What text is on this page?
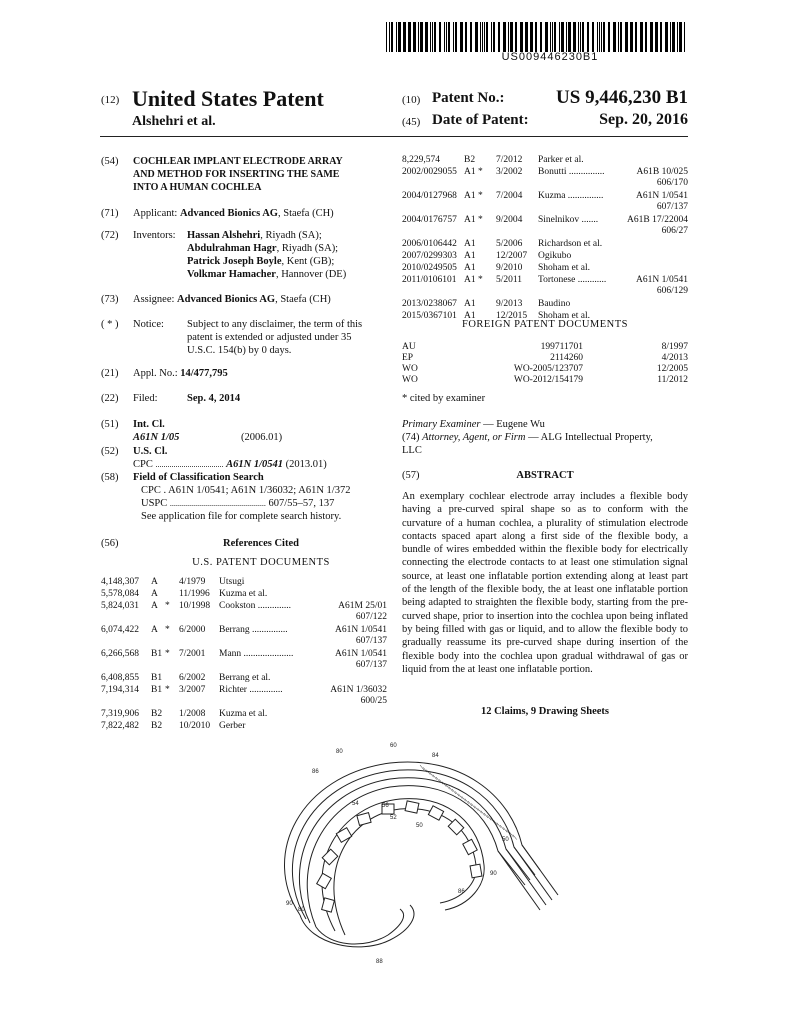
US009446230B1
(12) United States Patent
Alshehri et al.
(10) Patent No.:	US 9,446,230 B1
(45) Date of Patent:	Sep. 20, 2016
(54) COCHLEAR IMPLANT ELECTRODE ARRAY
AND METHOD FOR INSERTING THE SAME
INTO A HUMAN COCHLEA
(71) Applicant: Advanced Bionics AG, Staefa (CH)
(72) Inventors: Hassan Alshehri, Riyadh (SA);
Abdulrahman Hagr, Riyadh (SA);
Patrick Joseph Boyle, Kent (GB);
Volkmar Hamacher, Hannover (DE)
(73) Assignee: Advanced Bionics AG, Staefa (CH)
( * ) Notice: Subject to any disclaimer, the term of this
patent is extended or adjusted under 35
U.S.C. 154(b) by 0 days.
(21) Appl. No.: 14/477,795
(22) Filed:	Sep. 4, 2014
(51) Int. Cl.
A61N 1/05	(2006.01)
(52) U.S. Cl.
CPC .................................. A61N 1/0541 (2013.01)
(58) Field of Classification Search
CPC . A61N 1/0541; A61N 1/36032; A61N 1/372
USPC ................................................ 607/55–57, 137
See application file for complete search history.
(56)	References Cited
U.S. PATENT DOCUMENTS
4,148,307 A 4/1979 Utsugi
5,578,084 A 11/1996 Kuzma et al.
5,824,031 A * 10/1998 Cookston ..............	A61M 25/01
607/122
6,074,422 A * 6/2000 Berrang ...............	A61N 1/0541
607/137
6,266,568 B1 * 7/2001 Mann .....................	A61N 1/0541
607/137
6,408,855 B1 6/2002 Berrang et al.
7,194,314 B1 * 3/2007 Richter ..............	A61N 1/36032
600/25
7,319,906 B2 1/2008 Kuzma et al.
7,822,482 B2 10/2010 Gerber
8,229,574	B2 7/2012 Parker et al.
2002/0029055 A1 * 3/2002 Bonutti ...............	A61B 10/025
606/170
2004/0127968 A1 * 7/2004 Kuzma ...............	A61N 1/0541
607/137
2004/0176757 A1 * 9/2004 Sinelnikov .......	A61B 17/22004
606/27
2006/0106442 A1 5/2006 Richardson et al.
2007/0299303 A1 12/2007 Ogikubo
2010/0249505 A1 9/2010 Shoham et al.
2011/0106101 A1 * 5/2011 Tortonese ............	A61N 1/0541
606/129
2013/0238067 A1 9/2013 Baudino
2015/0367101 A1 12/2015 Shoham et al.
FOREIGN PATENT DOCUMENTS
AU	199711701	8/1997
EP	2114260	4/2013
WO	WO-2005/123707	12/2005
WO	WO-2012/154179	11/2012
* cited by examiner
Primary Examiner — Eugene Wu
(74) Attorney, Agent, or Firm — ALG Intellectual Property,
LLC
(57)	ABSTRACT
An exemplary cochlear electrode array includes a flexible body having a pre-curved spiral shape so as to conform with the curvature of a human cochlea, a plurality of stimulation electrode contacts spaced apart along a first side of the flexible body, a bundle of wires embedded within the flexible body for electrically connecting the electrode contacts to at least one stimulation signal source, at least one inflatable portion extending along at least part of the length of the flexible body, the at least one inflatable portion being adapted to straighten the flexible body, starting from the pre-curved shape, prior to insertion into the cochlea upon being inflated by being filled with gas or liquid, and to allow the flexible body to gradually reassume its pre-curved shape during insertion of the flexible body into the cochlea upon gradual withdrawal of gas or liquid from the at least one inflatable portion.
12 Claims, 9 Drawing Sheets
80
60
84
86
54	56
52
50
50
86
80
90
88
90
